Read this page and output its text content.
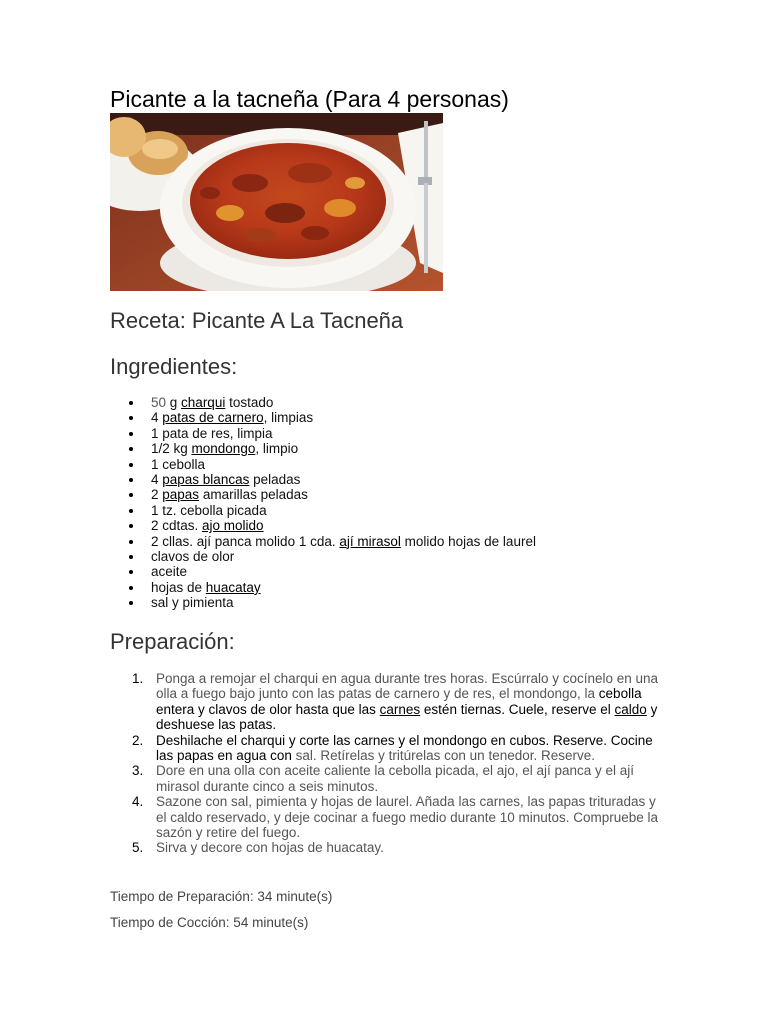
Picante a la tacneña (Para 4 personas)
Receta: Picante A La Tacneña
Ingredientes:
50 g charqui tostado
4 patas de carnero, limpias
1 pata de res, limpia
1/2 kg mondongo, limpio
1 cebolla
4 papas blancas peladas
2 papas amarillas peladas
1 tz. cebolla picada
2 cdtas. ajo molido
2 cllas. ají panca molido 1 cda. ají mirasol molido hojas de laurel
clavos de olor
aceite
hojas de huacatay
sal y pimienta
Preparación:
1. Ponga a remojar el charqui en agua durante tres horas. Escúrralo y cocínelo en una olla a fuego bajo junto con las patas de carnero y de res, el mondongo, la cebolla entera y clavos de olor hasta que las carnes estén tiernas. Cuele, reserve el caldo y deshuese las patas.
2. Deshilache el charqui y corte las carnes y el mondongo en cubos. Reserve. Cocine las papas en agua con sal. Retírelas y tritúrelas con un tenedor. Reserve.
3. Dore en una olla con aceite caliente la cebolla picada, el ajo, el ají panca y el ají mirasol durante cinco a seis minutos.
4. Sazone con sal, pimienta y hojas de laurel. Añada las carnes, las papas trituradas y el caldo reservado, y deje cocinar a fuego medio durante 10 minutos. Compruebe la sazón y retire del fuego.
5. Sirva y decore con hojas de huacatay.
Tiempo de Preparación: 34 minute(s)
Tiempo de Cocción: 54 minute(s)
